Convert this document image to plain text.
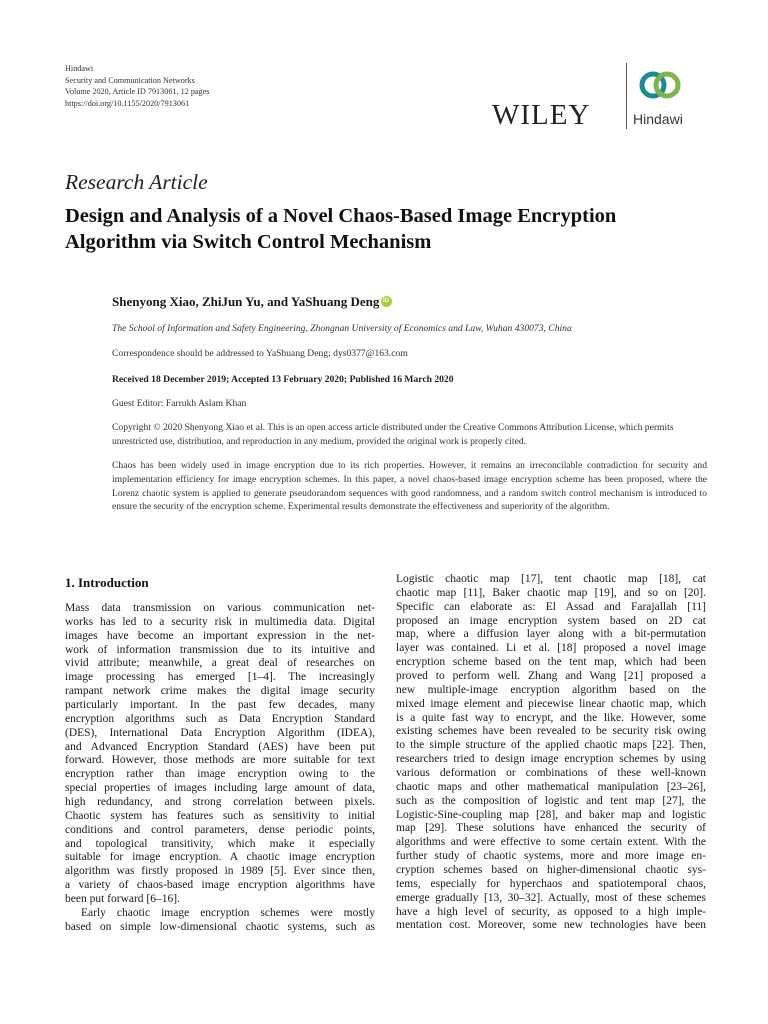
Hindawi
Security and Communication Networks
Volume 2020, Article ID 7913061, 12 pages
https://doi.org/10.1155/2020/7913061	WILEY	Hindawi
Research Article
Design and Analysis of a Novel Chaos-Based Image Encryption
Algorithm via Switch Control Mechanism
Shenyong Xiao, ZhiJun Yu, and YaShuang DengiD
The School of Information and Safety Engineering, Zhongnan University of Economics and Law, Wuhan 430073, China
Correspondence should be addressed to YaShuang Deng; dys0377@163.com
Received 18 December 2019; Accepted 13 February 2020; Published 16 March 2020
Guest Editor: Farrukh Aslam Khan
Copyright © 2020 Shenyong Xiao et al. This is an open access article distributed under the Creative Commons Attribution License, which permits unrestricted use, distribution, and reproduction in any medium, provided the original work is properly cited.
Chaos has been widely used in image encryption due to its rich properties. However, it remains an irreconcilable contradiction for security and implementation efficiency for image encryption schemes. In this paper, a novel chaos-based image encryption scheme has been proposed, where the Lorenz chaotic system is applied to generate pseudorandom sequences with good randomness, and a random switch control mechanism is introduced to ensure the security of the encryption scheme. Experimental results demonstrate the effectiveness and superiority of the algorithm.
1. Introduction
Mass data transmission on various communication net-
works has led to a security risk in multimedia data. Digital
images have become an important expression in the net-
work of information transmission due to its intuitive and
vivid attribute; meanwhile, a great deal of researches on
image processing has emerged [1–4]. The increasingly
rampant network crime makes the digital image security
particularly important. In the past few decades, many
encryption algorithms such as Data Encryption Standard
(DES), International Data Encryption Algorithm (IDEA),
and Advanced Encryption Standard (AES) have been put
forward. However, those methods are more suitable for text
encryption rather than image encryption owing to the
special properties of images including large amount of data,
high redundancy, and strong correlation between pixels.
Chaotic system has features such as sensitivity to initial
conditions and control parameters, dense periodic points,
and topological transitivity, which make it especially
suitable for image encryption. A chaotic image encryption
algorithm was firstly proposed in 1989 [5]. Ever since then,
a variety of chaos-based image encryption algorithms have
been put forward [6–16].
Early chaotic image encryption schemes were mostly
based on simple low-dimensional chaotic systems, such as
Logistic chaotic map [17], tent chaotic map [18], cat
chaotic map [11], Baker chaotic map [19], and so on [20].
Specific can elaborate as: El Assad and Farajallah [11]
proposed an image encryption system based on 2D cat
map, where a diffusion layer along with a bit-permutation
layer was contained. Li et al. [18] proposed a novel image
encryption scheme based on the tent map, which had been
proved to perform well. Zhang and Wang [21] proposed a
new multiple-image encryption algorithm based on the
mixed image element and piecewise linear chaotic map, which
is a quite fast way to encrypt, and the like. However, some
existing schemes have been revealed to be security risk owing
to the simple structure of the applied chaotic maps [22]. Then,
researchers tried to design image encryption schemes by using
various deformation or combinations of these well-known
chaotic maps and other mathematical manipulation [23–26],
such as the composition of logistic and tent map [27], the
Logistic-Sine-coupling map [28], and baker map and logistic
map [29]. These solutions have enhanced the security of
algorithms and were effective to some certain extent. With the
further study of chaotic systems, more and more image en-
cryption schemes based on higher-dimensional chaotic sys-
tems, especially for hyperchaos and spatiotemporal chaos,
emerge gradually [13, 30–32]. Actually, most of these schemes
have a high level of security, as opposed to a high imple-
mentation cost. Moreover, some new technologies have been
